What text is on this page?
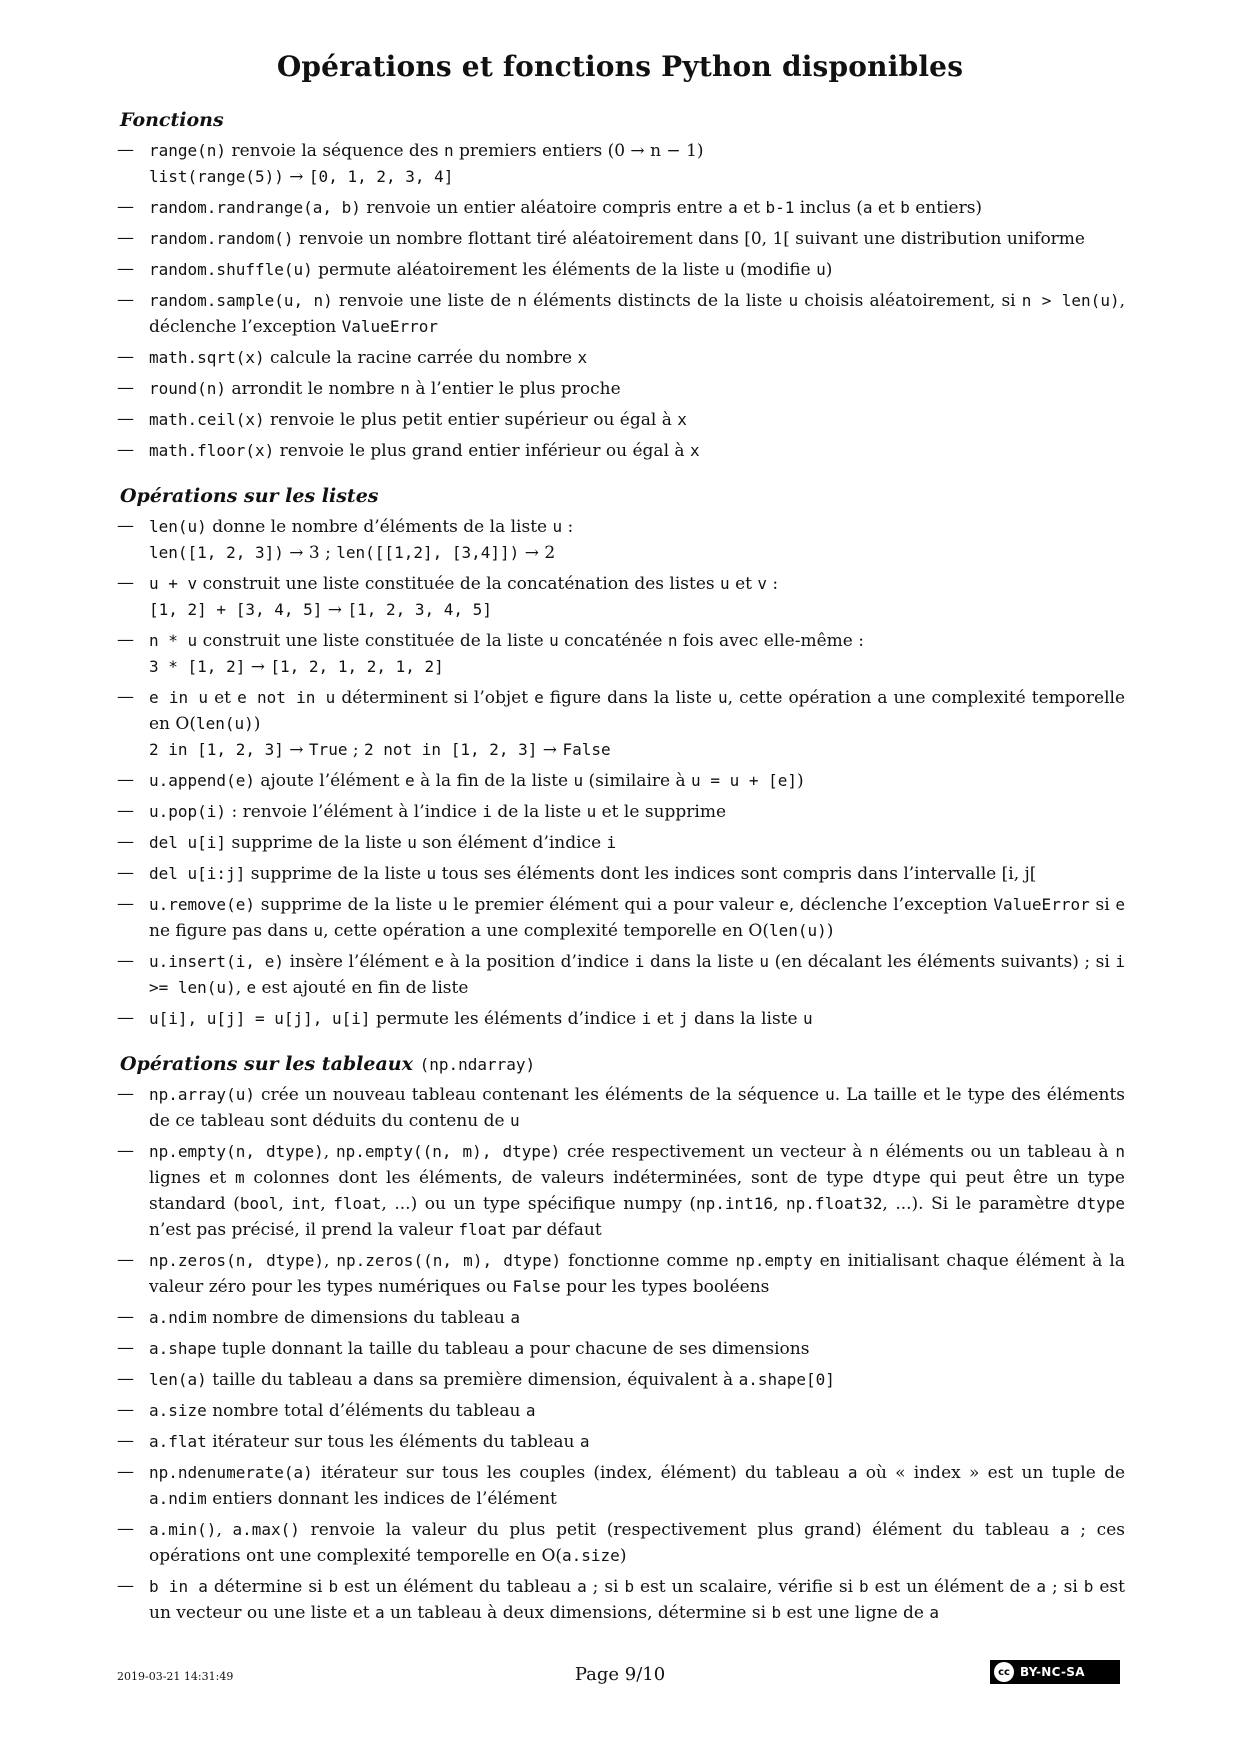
Opérations et fonctions Python disponibles
Fonctions
— range(n) renvoie la séquence des n premiers entiers (0 → n − 1)
list(range(5)) → [0, 1, 2, 3, 4]
— random.randrange(a, b) renvoie un entier aléatoire compris entre a et b-1 inclus (a et b entiers)
— random.random() renvoie un nombre flottant tiré aléatoirement dans [0, 1[ suivant une distribution uniforme
— random.shuffle(u) permute aléatoirement les éléments de la liste u (modifie u)
— random.sample(u, n) renvoie une liste de n éléments distincts de la liste u choisis aléatoirement, si n > len(u), déclenche l’exception ValueError
— math.sqrt(x) calcule la racine carrée du nombre x
— round(n) arrondit le nombre n à l’entier le plus proche
— math.ceil(x) renvoie le plus petit entier supérieur ou égal à x
— math.floor(x) renvoie le plus grand entier inférieur ou égal à x
Opérations sur les listes
— len(u) donne le nombre d’éléments de la liste u :
len([1, 2, 3]) → 3 ; len([[1,2], [3,4]]) → 2
— u + v construit une liste constituée de la concaténation des listes u et v :
[1, 2] + [3, 4, 5] → [1, 2, 3, 4, 5]
— n * u construit une liste constituée de la liste u concaténée n fois avec elle-même :
3 * [1, 2] → [1, 2, 1, 2, 1, 2]
— e in u et e not in u déterminent si l’objet e figure dans la liste u, cette opération a une complexité temporelle en O(len(u))
2 in [1, 2, 3] → True ; 2 not in [1, 2, 3] → False
— u.append(e) ajoute l’élément e à la fin de la liste u (similaire à u = u + [e])
— u.pop(i) : renvoie l’élément à l’indice i de la liste u et le supprime
— del u[i] supprime de la liste u son élément d’indice i
— del u[i:j] supprime de la liste u tous ses éléments dont les indices sont compris dans l’intervalle [i, j[
— u.remove(e) supprime de la liste u le premier élément qui a pour valeur e, déclenche l’exception ValueError si e ne figure pas dans u, cette opération a une complexité temporelle en O(len(u))
— u.insert(i, e) insère l’élément e à la position d’indice i dans la liste u (en décalant les éléments suivants) ; si i >= len(u), e est ajouté en fin de liste
— u[i], u[j] = u[j], u[i] permute les éléments d’indice i et j dans la liste u
Opérations sur les tableaux (np.ndarray)
— np.array(u) crée un nouveau tableau contenant les éléments de la séquence u. La taille et le type des éléments de ce tableau sont déduits du contenu de u
— np.empty(n, dtype), np.empty((n, m), dtype) crée respectivement un vecteur à n éléments ou un tableau à n lignes et m colonnes dont les éléments, de valeurs indéterminées, sont de type dtype qui peut être un type standard (bool, int, float, ...) ou un type spécifique numpy (np.int16, np.float32, ...). Si le paramètre dtype n’est pas précisé, il prend la valeur float par défaut
— np.zeros(n, dtype), np.zeros((n, m), dtype) fonctionne comme np.empty en initialisant chaque élément à la valeur zéro pour les types numériques ou False pour les types booléens
— a.ndim nombre de dimensions du tableau a
— a.shape tuple donnant la taille du tableau a pour chacune de ses dimensions
— len(a) taille du tableau a dans sa première dimension, équivalent à a.shape[0]
— a.size nombre total d’éléments du tableau a
— a.flat itérateur sur tous les éléments du tableau a
— np.ndenumerate(a) itérateur sur tous les couples (index, élément) du tableau a où « index » est un tuple de a.ndim entiers donnant les indices de l’élément
— a.min(), a.max() renvoie la valeur du plus petit (respectivement plus grand) élément du tableau a ; ces opérations ont une complexité temporelle en O(a.size)
— b in a détermine si b est un élément du tableau a ; si b est un scalaire, vérifie si b est un élément de a ; si b est un vecteur ou une liste et a un tableau à deux dimensions, détermine si b est une ligne de a
2019-03-21 14:31:49	Page 9/10	cc BY-NC-SA
